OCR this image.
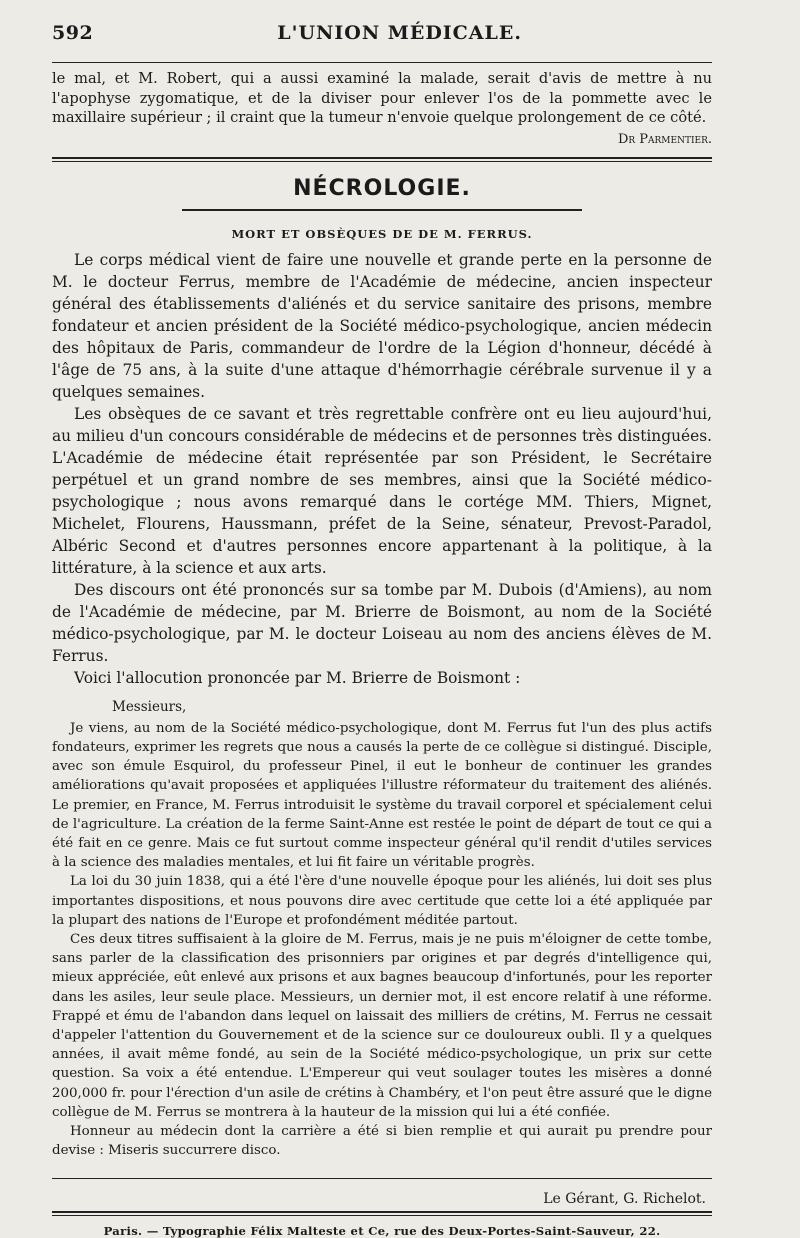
592	L'UNION MÉDICALE.

le mal, et M. Robert, qui a aussi examiné la malade, serait d'avis de mettre à nu l'apophyse zygomatique, et de la diviser pour enlever l'os de la pommette avec le maxillaire supérieur ; il craint que la tumeur n'envoie quelque prolongement de ce côté.

Dr Parmentier.
NÉCROLOGIE.
MORT ET OBSÈQUES DE DE M. FERRUS.

Le corps médical vient de faire une nouvelle et grande perte en la personne de M. le docteur Ferrus, membre de l'Académie de médecine, ancien inspecteur général des établissements d'aliénés et du service sanitaire des prisons, membre fondateur et ancien président de la Société médico-psychologique, ancien médecin des hôpitaux de Paris, commandeur de l'ordre de la Légion d'honneur, décédé à l'âge de 75 ans, à la suite d'une attaque d'hémorrhagie cérébrale survenue il y a quelques semaines.

Les obsèques de ce savant et très regrettable confrère ont eu lieu aujourd'hui, au milieu d'un concours considérable de médecins et de personnes très distinguées. L'Académie de médecine était représentée par son Président, le Secrétaire perpétuel et un grand nombre de ses membres, ainsi que la Société médico-psychologique ; nous avons remarqué dans le cortége MM. Thiers, Mignet, Michelet, Flourens, Haussmann, préfet de la Seine, sénateur, Prevost-Paradol, Albéric Second et d'autres personnes encore appartenant à la politique, à la littérature, à la science et aux arts.

Des discours ont été prononcés sur sa tombe par M. Dubois (d'Amiens), au nom de l'Académie de médecine, par M. Brierre de Boismont, au nom de la Société médico-psychologique, par M. le docteur Loiseau au nom des anciens élèves de M. Ferrus.

Voici l'allocution prononcée par M. Brierre de Boismont :

Messieurs,

Je viens, au nom de la Société médico-psychologique, dont M. Ferrus fut l'un des plus actifs fondateurs, exprimer les regrets que nous a causés la perte de ce collègue si distingué. Disciple, avec son émule Esquirol, du professeur Pinel, il eut le bonheur de continuer les grandes améliorations qu'avait proposées et appliquées l'illustre réformateur du traitement des aliénés. Le premier, en France, M. Ferrus introduisit le système du travail corporel et spécialement celui de l'agriculture. La création de la ferme Saint-Anne est restée le point de départ de tout ce qui a été fait en ce genre. Mais ce fut surtout comme inspecteur général qu'il rendit d'utiles services à la science des maladies mentales, et lui fit faire un véritable progrès.

La loi du 30 juin 1838, qui a été l'ère d'une nouvelle époque pour les aliénés, lui doit ses plus importantes dispositions, et nous pouvons dire avec certitude que cette loi a été appliquée par la plupart des nations de l'Europe et profondément méditée partout.

Ces deux titres suffisaient à la gloire de M. Ferrus, mais je ne puis m'éloigner de cette tombe, sans parler de la classification des prisonniers par origines et par degrés d'intelligence qui, mieux appréciée, eût enlevé aux prisons et aux bagnes beaucoup d'infortunés, pour les reporter dans les asiles, leur seule place. Messieurs, un dernier mot, il est encore relatif à une réforme. Frappé et ému de l'abandon dans lequel on laissait des milliers de crétins, M. Ferrus ne cessait d'appeler l'attention du Gouvernement et de la science sur ce douloureux oubli. Il y a quelques années, il avait même fondé, au sein de la Société médico-psychologique, un prix sur cette question. Sa voix a été entendue. L'Empereur qui veut soulager toutes les misères a donné 200,000 fr. pour l'érection d'un asile de crétins à Chambéry, et l'on peut être assuré que le digne collègue de M. Ferrus se montrera à la hauteur de la mission qui lui a été confiée.

Honneur au médecin dont la carrière a été si bien remplie et qui aurait pu prendre pour devise : Miseris succurrere disco.

Le Gérant, G. Richelot.
Paris. — Typographie Félix Malteste et Ce, rue des Deux-Portes-Saint-Sauveur, 22.
